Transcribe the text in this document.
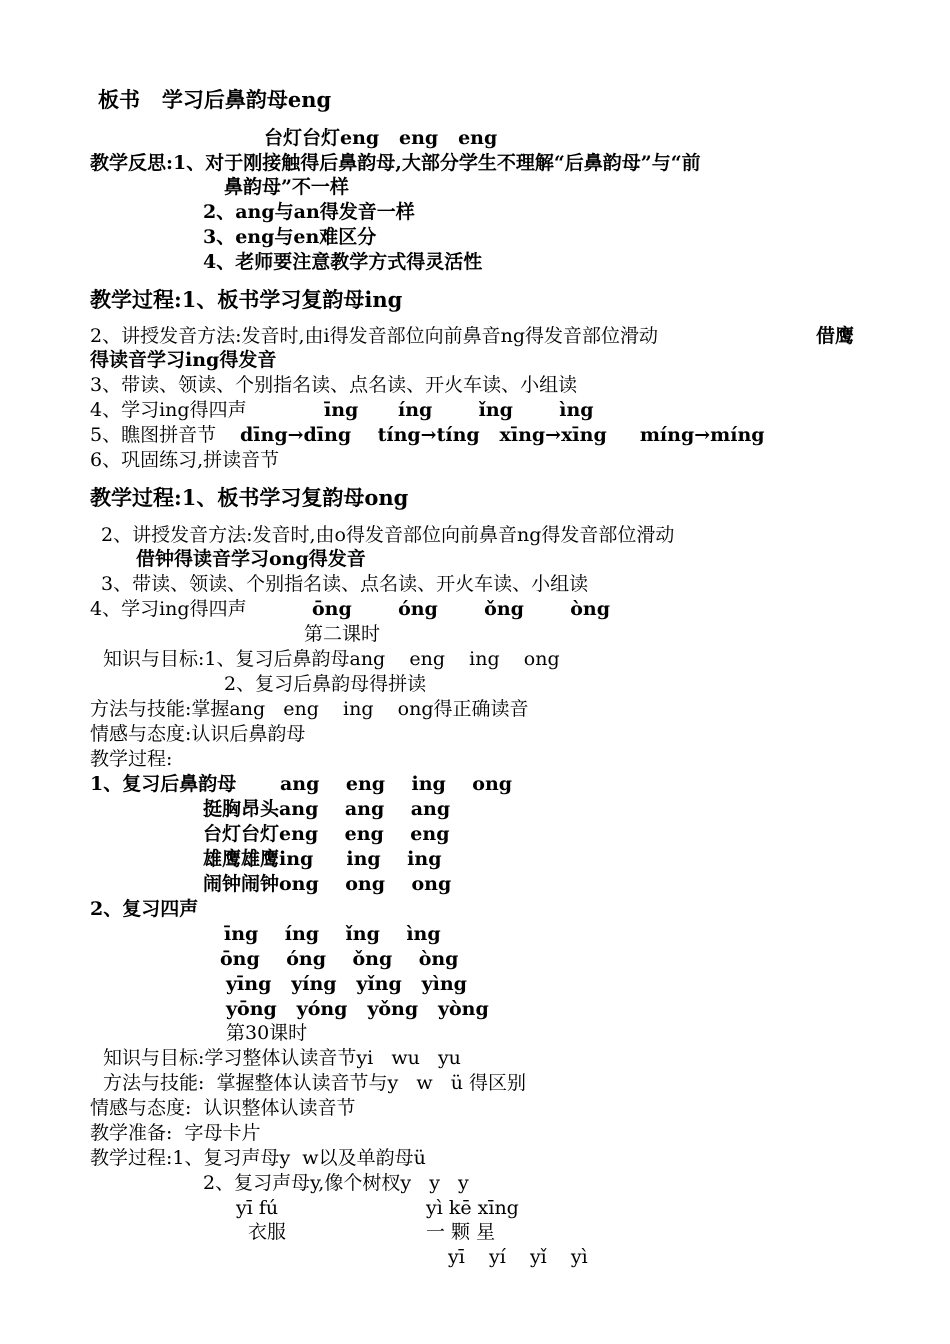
板书   学习后鼻韵母eng
台灯台灯eng   eng   eng
教学反思:1、对于刚接触得后鼻韵母,大部分学生不理解“后鼻韵母”与“前
鼻韵母”不一样
2、ang与an得发音一样
3、eng与en难区分
4、老师要注意教学方式得灵活性
教学过程:1、板书学习复韵母ing
2、讲授发音方法:发音时,由i得发音部位向前鼻音ng得发音部位滑动	借鹰
得读音学习ing得发音
3、带读、领读、个别指名读、点名读、开火车读、小组读
4、学习ing得四声	īng      íng       ǐng       ìng
5、瞧图拼音节 dīng→dīng    tíng→tíng   xīng→xīng     míng→míng
6、巩固练习,拼读音节
教学过程:1、板书学习复韵母ong
2、讲授发音方法:发音时,由o得发音部位向前鼻音ng得发音部位滑动
借钟得读音学习ong得发音
3、带读、领读、个别指名读、点名读、开火车读、小组读
4、学习ing得四声	ōng       óng       ǒng       òng
第二课时
知识与目标:1、复习后鼻韵母ang    eng    ing    ong
2、复习后鼻韵母得拼读
方法与技能:掌握ang   eng    ing    ong得正确读音
情感与态度:认识后鼻韵母
教学过程:
1、复习后鼻韵母 ang    eng    ing    ong
挺胸昂头ang    ang    ang
台灯台灯eng    eng    eng
雄鹰雄鹰ing     ing    ing
闹钟闹钟ong    ong    ong
2、复习四声
īng    íng    ǐng    ìng
ōng    óng    ǒng    òng
yīng   yíng   yǐng   yìng
yōng   yóng   yǒng   yòng
第30课时
知识与目标:学习整体认读音节yi   wu   yu
方法与技能:  掌握整体认读音节与y   w   ü 得区别
情感与态度:  认识整体认读音节
教学准备:  字母卡片
教学过程:1、复习声母y  w以及单韵母ü
2、复习声母y,像个树杈y   y   y
yī fú	yì kē xīng
衣服	一 颗 星
yī    yí    yǐ    yì
